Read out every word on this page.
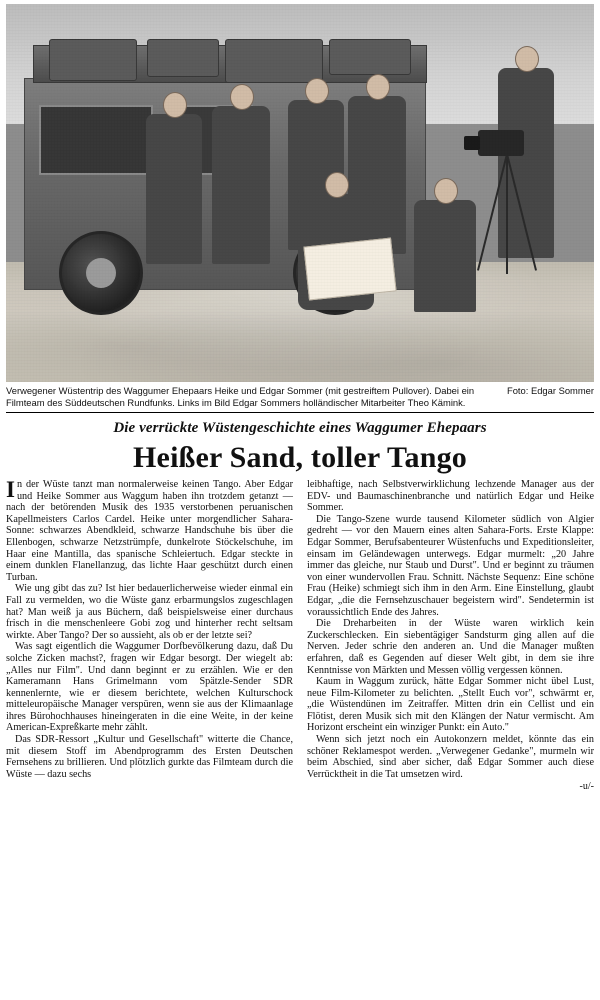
Foto: Edgar Sommer
Verwegener Wüstentrip des Waggumer Ehepaars Heike und Edgar Sommer (mit gestreiftem Pullover). Dabei ein Filmteam des Süddeutschen Rundfunks. Links im Bild Edgar Sommers holländischer Mitarbeiter Theo Kämink.
Die verrückte Wüstengeschichte eines Waggumer Ehepaars
Heißer Sand, toller Tango

In der Wüste tanzt man normalerweise keinen Tango. Aber Edgar und Heike Sommer aus Waggum haben ihn trotzdem getanzt — nach der betörenden Musik des 1935 verstorbenen peruanischen Kapellmeisters Carlos Cardel. Heike unter morgendlicher Sahara-Sonne: schwarzes Abendkleid, schwarze Handschuhe bis über die Ellenbogen, schwarze Netzstrümpfe, dunkelrote Stöckelschuhe, im Haar eine Mantilla, das spanische Schleiertuch. Edgar steckte in einem dunklen Flanellanzug, das lichte Haar geschützt durch einen Turban.

Wie ung gibt das zu? Ist hier bedauerlicherweise wieder einmal ein Fall zu vermelden, wo die Wüste ganz erbarmungslos zugeschlagen hat? Man weiß ja aus Büchern, daß beispielsweise einer durchaus frisch in die menschenleere Gobi zog und hinterher recht seltsam wirkte. Aber Tango? Der so aussieht, als ob er der letzte sei?

Was sagt eigentlich die Waggumer Dorfbevölkerung dazu, daß Du solche Zicken machst?, fragen wir Edgar besorgt. Der wiegelt ab: „Alles nur Film". Und dann beginnt er zu erzählen. Wie er den Kameramann Hans Grimelmann vom Spätzle-Sender SDR kennenlernte, wie er diesem berichtete, welchen Kulturschock mitteleuropäische Manager verspüren, wenn sie aus der Klimaanlage ihres Bürohochhauses hineingeraten in die eine Weite, in der keine American-Expreßkarte mehr zählt.

Das SDR-Ressort „Kultur und Gesellschaft" witterte die Chance, mit diesem Stoff im Abendprogramm des Ersten Deutschen Fernsehens zu brillieren. Und plötzlich gurkte das Filmteam durch die Wüste — dazu sechs

leibhaftige, nach Selbstverwirklichung lechzende Manager aus der EDV- und Baumaschinenbranche und natürlich Edgar und Heike Sommer.

Die Tango-Szene wurde tausend Kilometer südlich von Algier gedreht — vor den Mauern eines alten Sahara-Forts. Erste Klappe: Edgar Sommer, Berufsabenteurer Wüstenfuchs und Expeditionsleiter, einsam im Geländewagen unterwegs. Edgar murmelt: „20 Jahre immer das gleiche, nur Staub und Durst". Und er beginnt zu träumen von einer wundervollen Frau. Schnitt. Nächste Sequenz: Eine schöne Frau (Heike) schmiegt sich ihm in den Arm. Eine Einstellung, glaubt Edgar, „die die Fernsehzuschauer begeistern wird". Sendetermin ist voraussichtlich Ende des Jahres.

Die Dreharbeiten in der Wüste waren wirklich kein Zuckerschlecken. Ein siebentägiger Sandsturm ging allen auf die Nerven. Jeder schrie den anderen an. Und die Manager mußten erfahren, daß es Gegenden auf dieser Welt gibt, in dem sie ihre Kenntnisse von Märkten und Messen völlig vergessen können.

Kaum in Waggum zurück, hätte Edgar Sommer nicht übel Lust, neue Film-Kilometer zu belichten. „Stellt Euch vor", schwärmt er, „die Wüstendünen im Zeitraffer. Mitten drin ein Cellist und ein Flötist, deren Musik sich mit den Klängen der Natur vermischt. Am Horizont erscheint ein winziger Punkt: ein Auto."

Wenn sich jetzt noch ein Autokonzern meldet, könnte das ein schöner Reklamespot werden. „Verwegener Gedanke", murmeln wir beim Abschied, sind aber sicher, daß Edgar Sommer auch diese Verrücktheit in die Tat umsetzen wird.

-u/-
